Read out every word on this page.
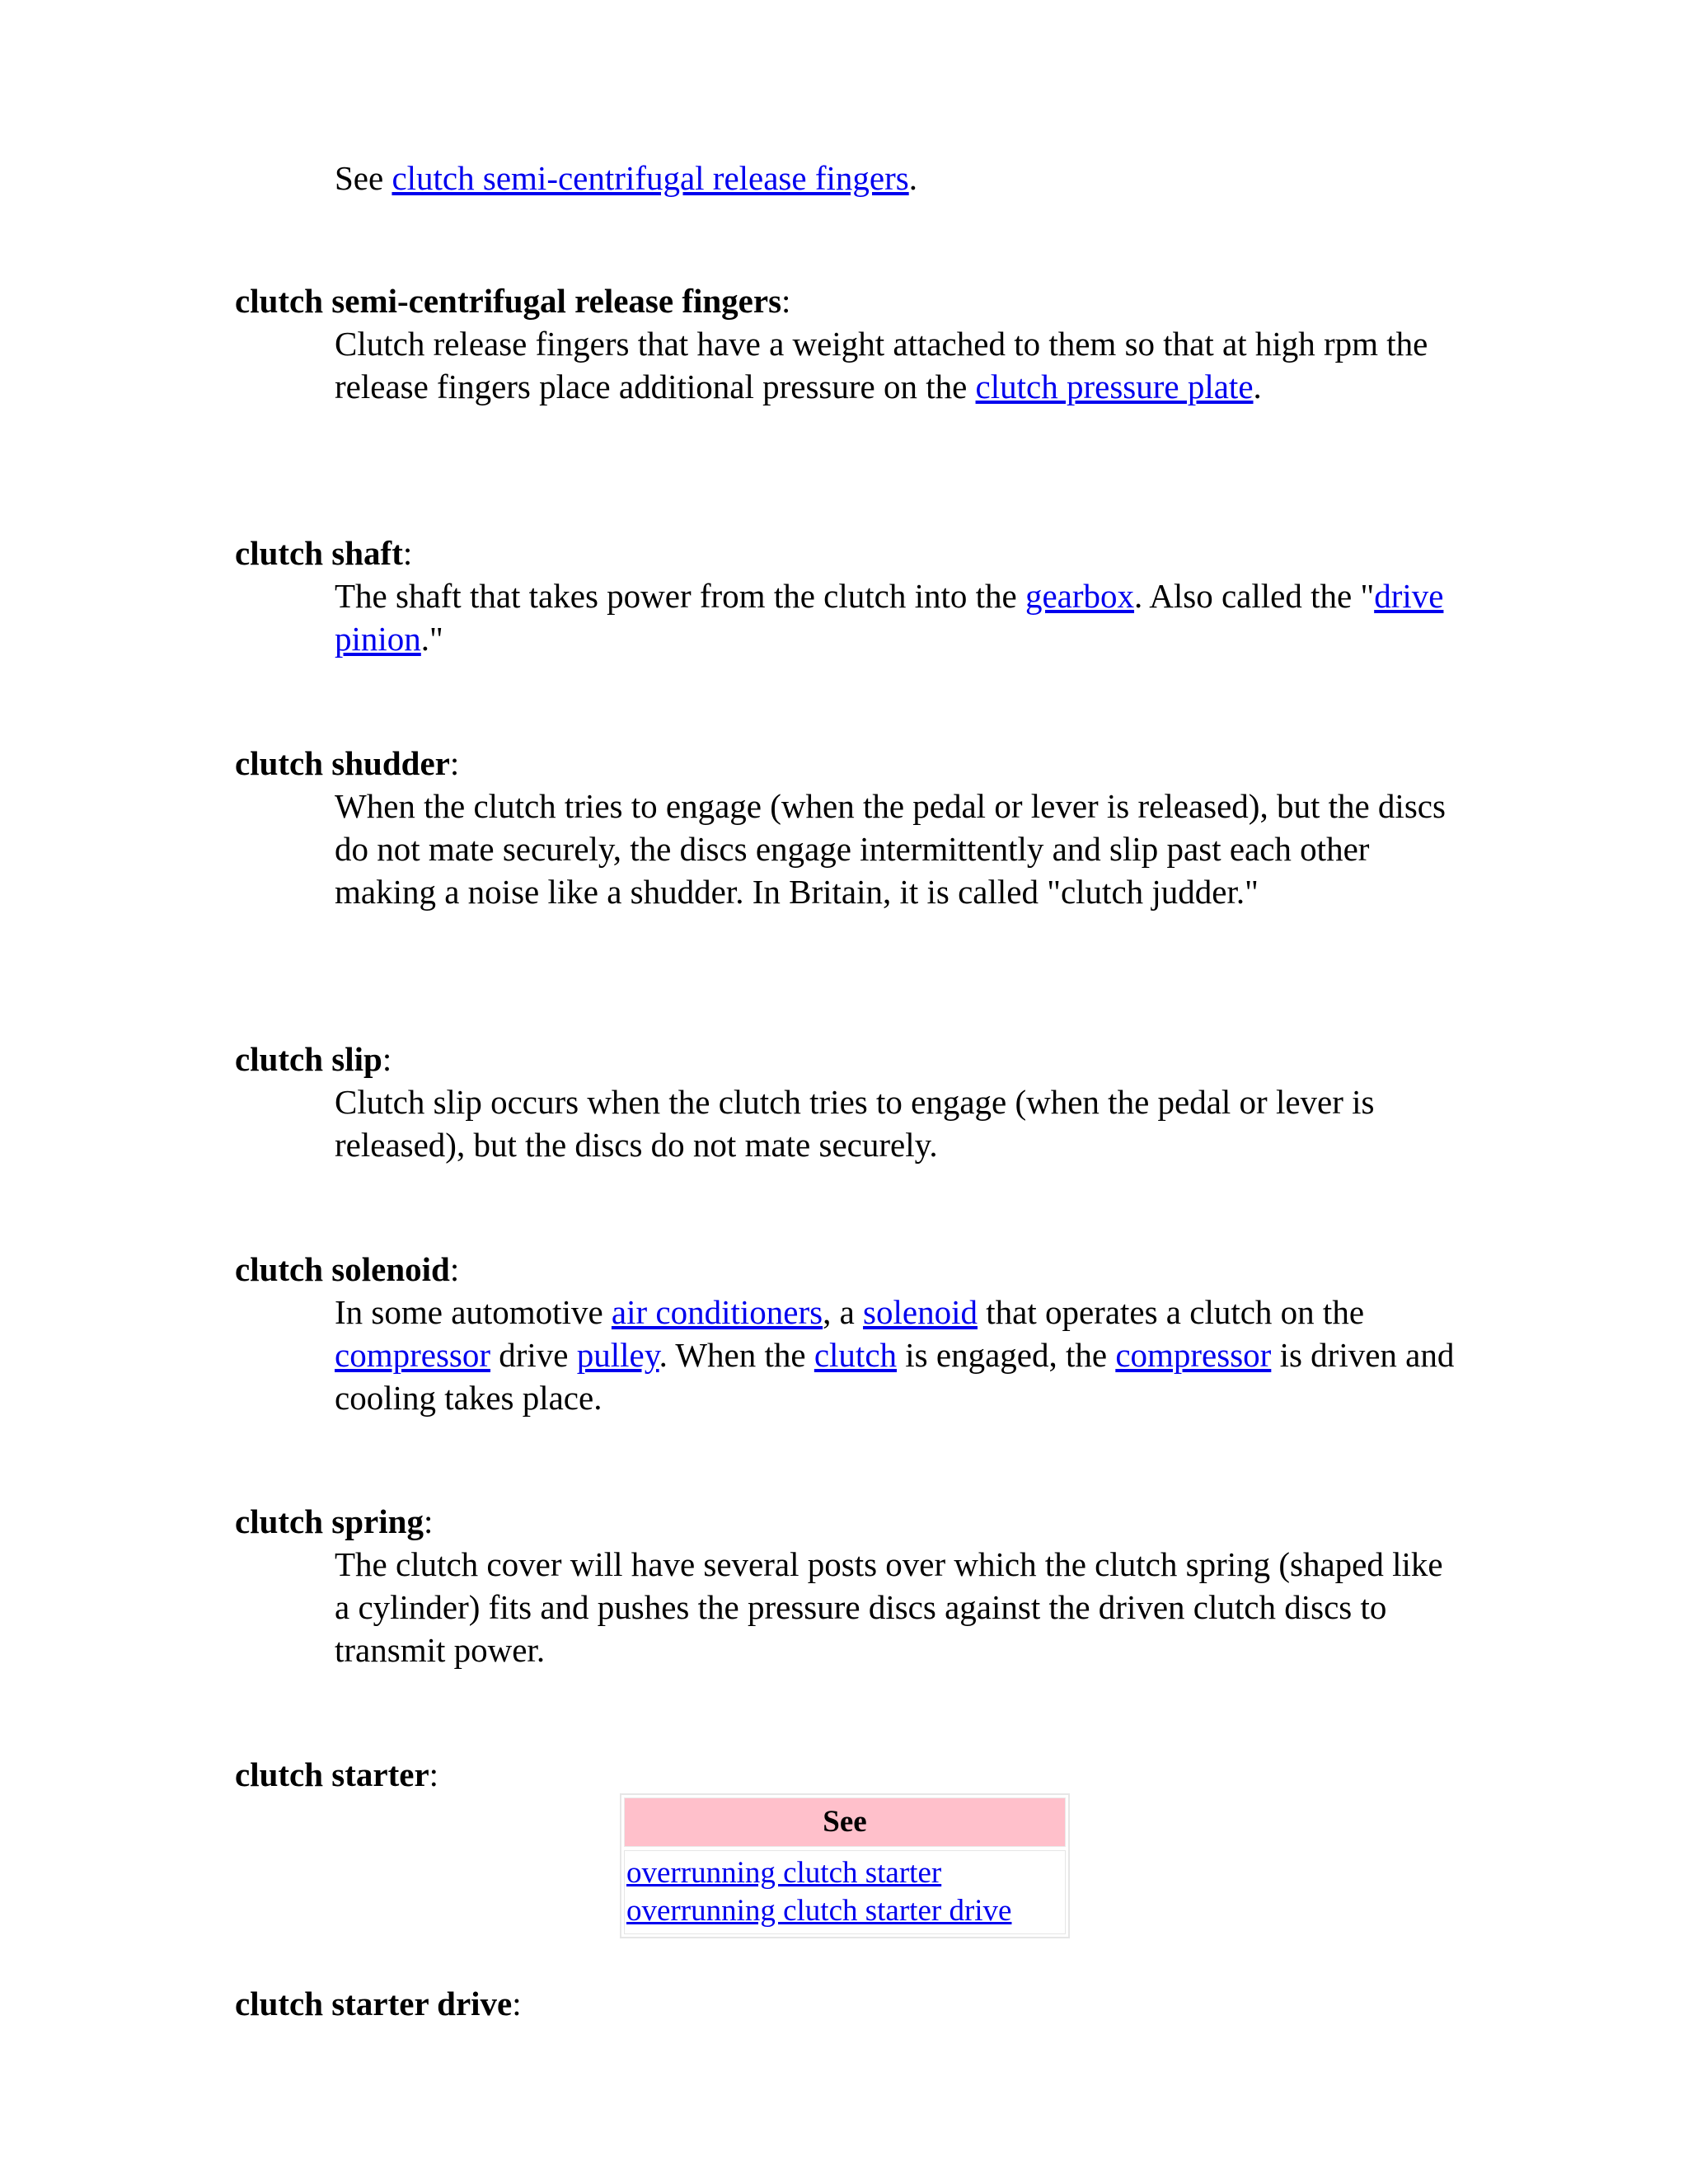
See clutch semi-centrifugal release fingers.

clutch semi-centrifugal release fingers:

Clutch release fingers that have a weight attached to them so that at high rpm the release fingers place additional pressure on the clutch pressure plate.

clutch shaft:

The shaft that takes power from the clutch into the gearbox. Also called the "drive pinion."

clutch shudder:

When the clutch tries to engage (when the pedal or lever is released), but the discs do not mate securely, the discs engage intermittently and slip past each other making a noise like a shudder. In Britain, it is called "clutch judder."

clutch slip:

Clutch slip occurs when the clutch tries to engage (when the pedal or lever is released), but the discs do not mate securely.

clutch solenoid:

In some automotive air conditioners, a solenoid that operates a clutch on the compressor drive pulley. When the clutch is engaged, the compressor is driven and cooling takes place.

clutch spring:

The clutch cover will have several posts over which the clutch spring (shaped like a cylinder) fits and pushes the pressure discs against the driven clutch discs to transmit power.

clutch starter:

See
overrunning clutch starter
overrunning clutch starter drive

clutch starter drive:
